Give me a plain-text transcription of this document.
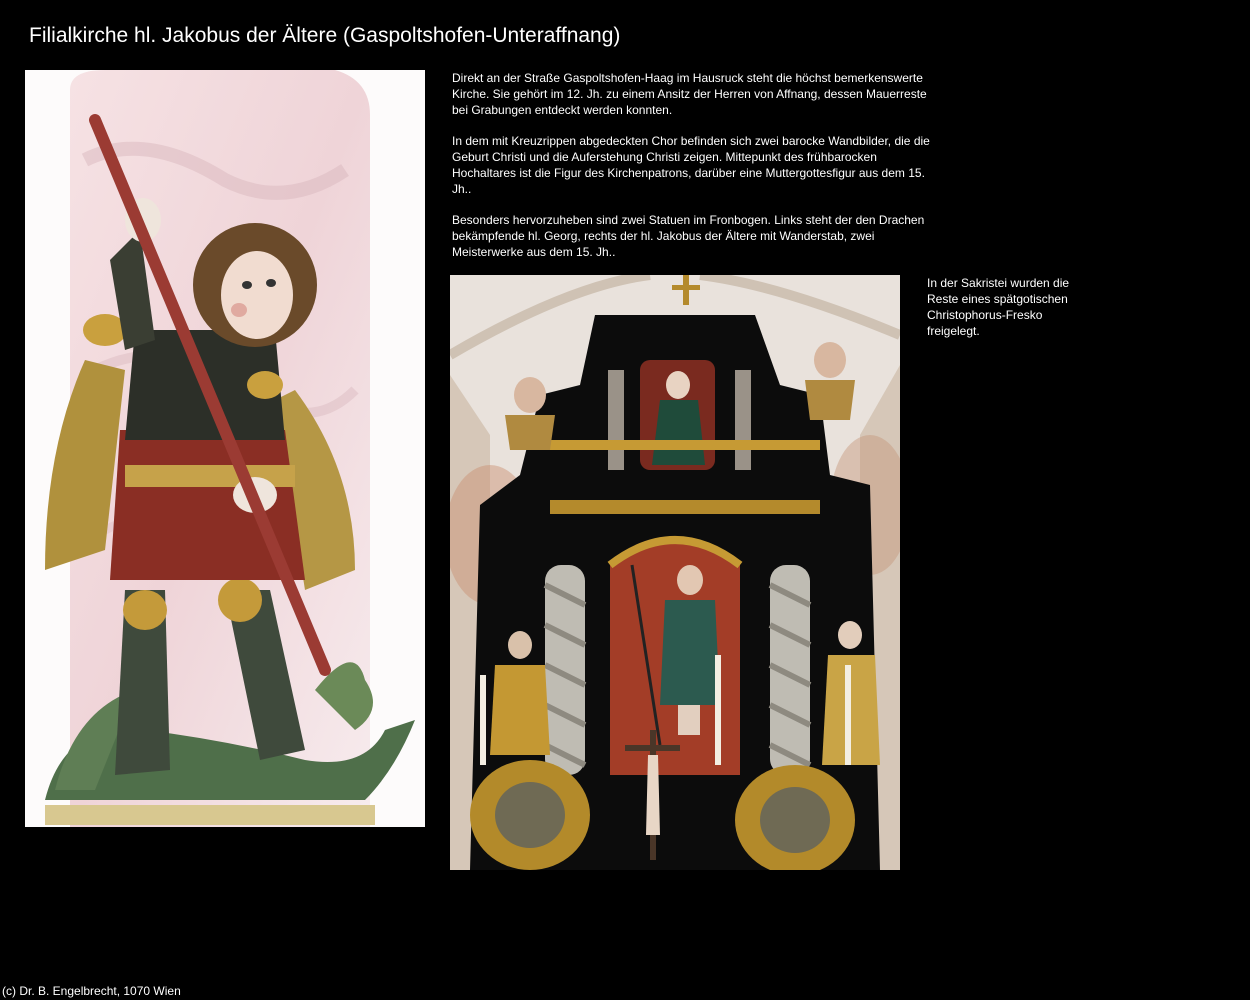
Filialkirche hl. Jakobus der Ältere (Gaspoltshofen-Unteraffnang)

Direkt an der Straße Gaspoltshofen-Haag im Hausruck steht die höchst bemerkenswerte Kirche. Sie gehört im 12. Jh. zu einem Ansitz der Herren von Affnang, dessen Mauerreste bei Grabungen entdeckt werden konnten.

In dem mit Kreuzrippen abgedeckten Chor befinden sich zwei barocke Wandbilder, die die Geburt Christi und die Auferstehung Christi zeigen. Mittepunkt des frühbarocken Hochaltares ist die Figur des Kirchenpatrons, darüber eine Muttergottesfigur aus dem 15. Jh..

Besonders hervorzuheben sind zwei Statuen im Fronbogen. Links steht der den Drachen bekämpfende hl. Georg, rechts der hl. Jakobus der Ältere mit Wanderstab, zwei Meisterwerke aus dem 15. Jh..

In der Sakristei wurden die Reste eines spätgotischen Christophorus-Fresko freigelegt.
(c) Dr. B. Engelbrecht, 1070 Wien
